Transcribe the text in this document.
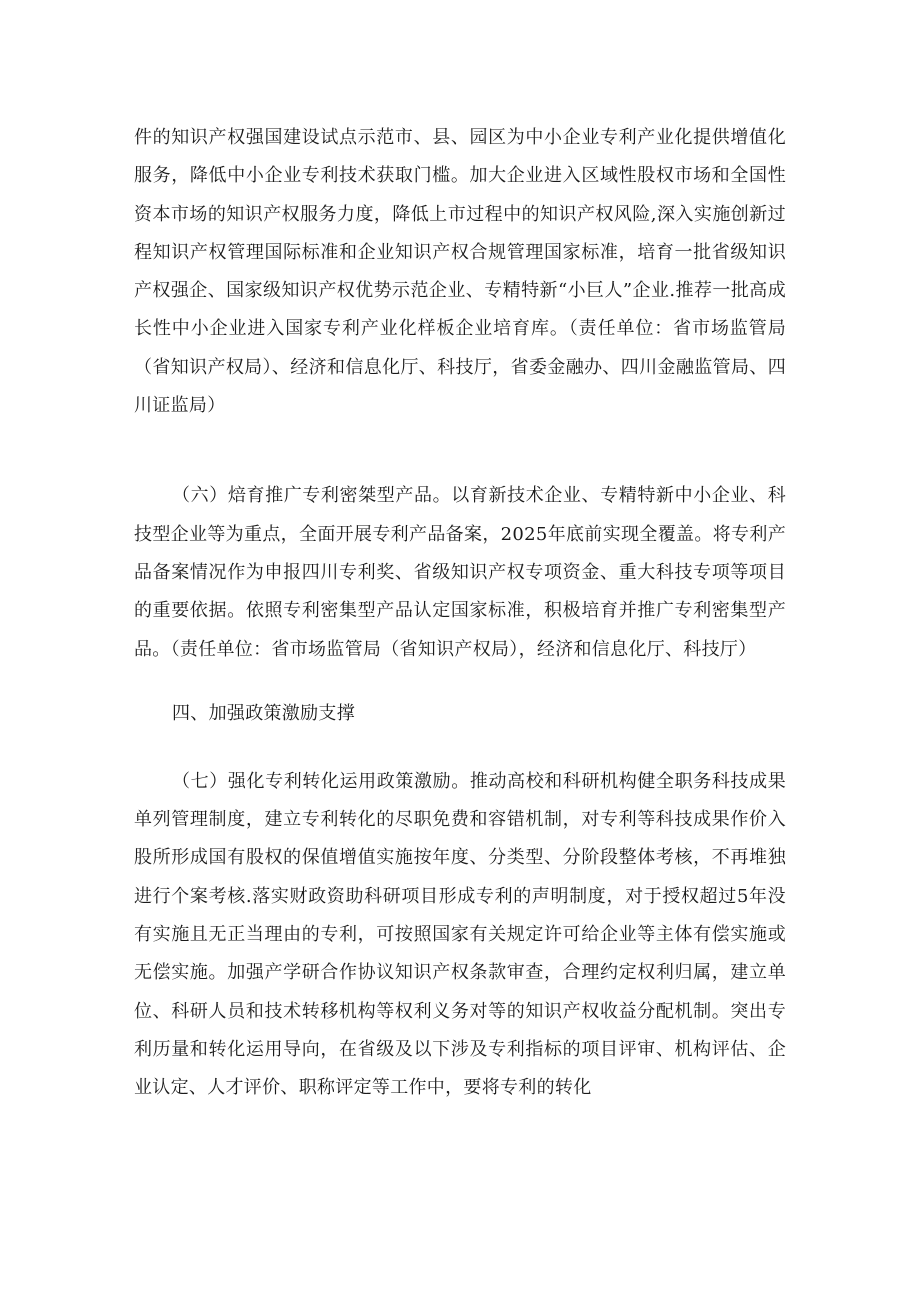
件的知识产权强国建设试点示范市、县、园区为中小企业专利产业化提供增值化服务，降低中小企业专利技术获取门槛。加大企业进入区域性股权市场和全国性资本市场的知识产权服务力度，降低上市过程中的知识产权风险,深入实施创新过程知识产权管理国际标准和企业知识产权合规管理国家标准，培育一批省级知识产权强企、国家级知识产权优势示范企业、专精特新“小巨人”企业.推荐一批高成长性中小企业进入国家专利产业化样板企业培育库。（责任单位：省市场监管局（省知识产权局）、经济和信息化厅、科技厅，省委金融办、四川金融监管局、四川证监局）

（六）焙育推广专利密桀型产品。以育新技术企业、专精特新中小企业、科技型企业等为重点，全面开展专利产品备案，2025年底前实现全覆盖。将专利产品备案情况作为申报四川专利奖、省级知识产权专项资金、重大科技专项等项目的重要依据。依照专利密集型产品认定国家标准，积极培育并推广专利密集型产品。（责任单位：省市场监管局（省知识产权局），经济和信息化厅、科技厅）

四、加强政策激励支撑

（七）强化专利转化运用政策激励。推动高校和科研机构健全职务科技成果单列管理制度，建立专利转化的尽职免费和容错机制，对专利等科技成果作价入股所形成国有股权的保值增值实施按年度、分类型、分阶段整体考核，不再堆独进行个案考核.落实财政资助科研项目形成专利的声明制度，对于授权超过5年没有实施且无正当理由的专利，可按照国家有关规定许可给企业等主体有偿实施或无偿实施。加强产学研合作协议知识产权条款审查，合理约定权利归属，建立单位、科研人员和技术转移机构等权利义务对等的知识产权收益分配机制。突出专利历量和转化运用导向，在省级及以下涉及专利指标的项目评审、机构评估、企业认定、人才评价、职称评定等工作中，要将专利的转化
